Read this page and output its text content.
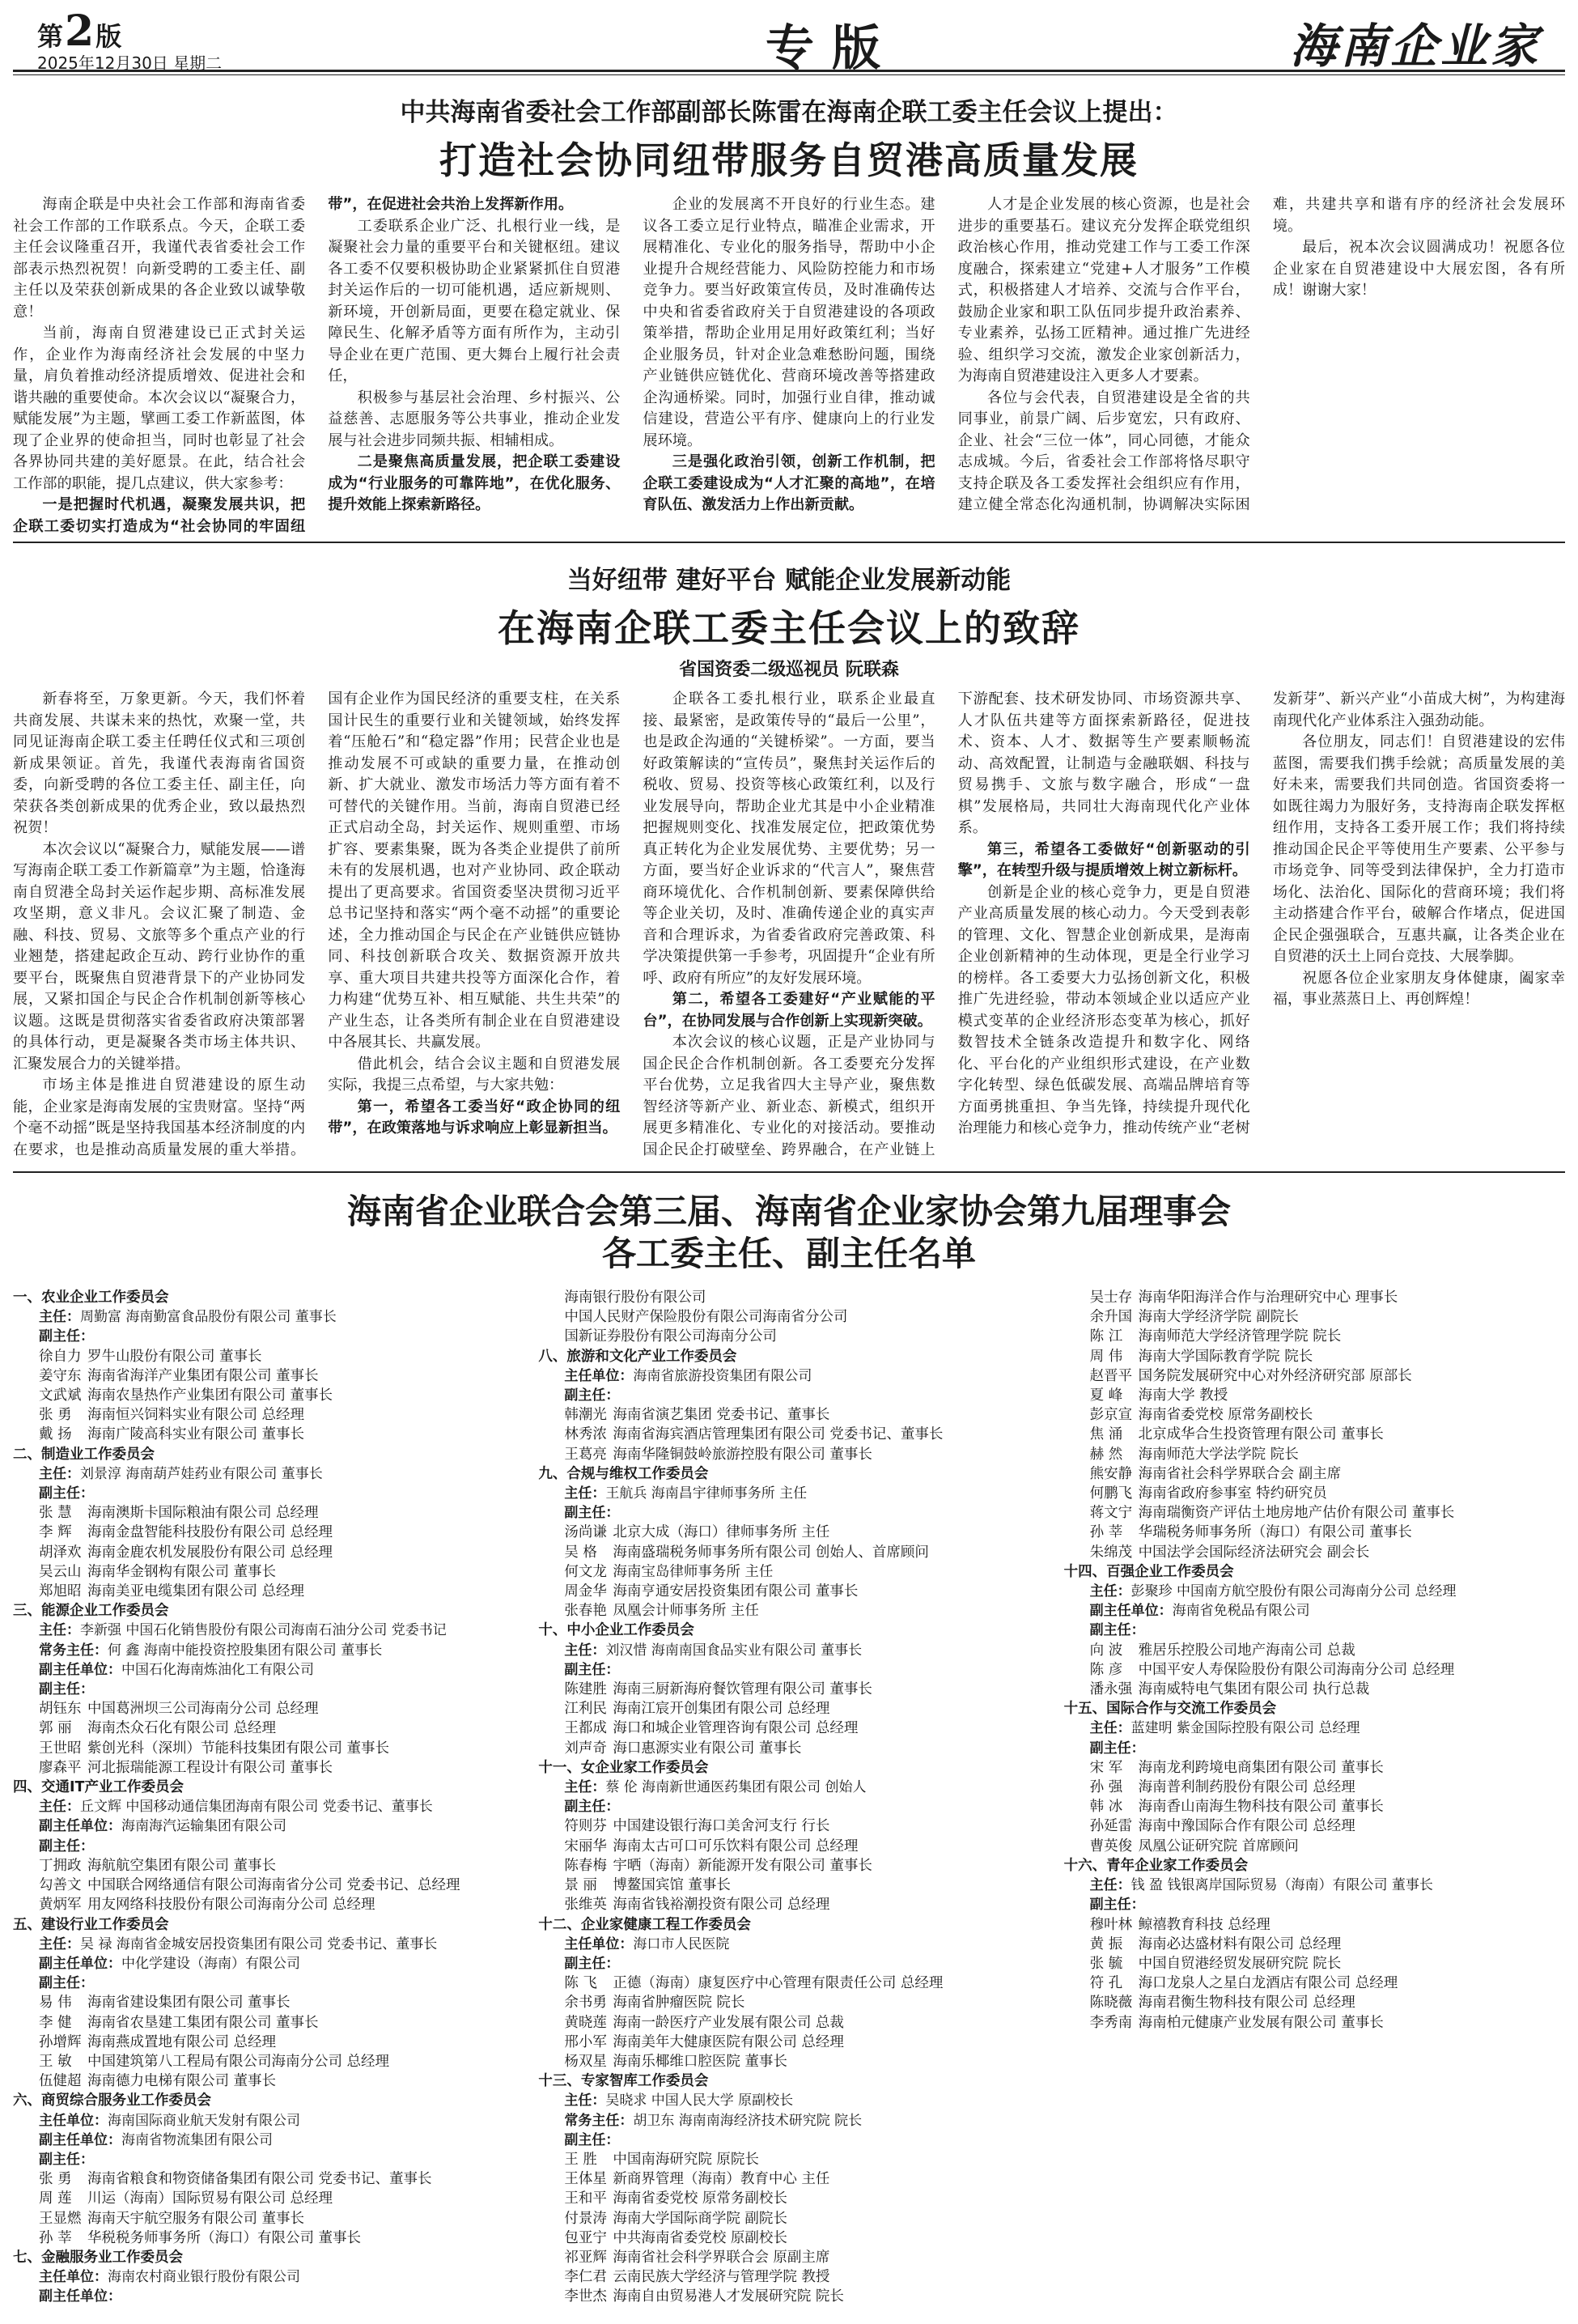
第2版
2025年12月30日 星期二	专版	海南企业家
中共海南省委社会工作部副部长陈雷在海南企联工委主任会议上提出：
打造社会协同纽带服务自贸港高质量发展

海南企联是中央社会工作部和海南省委社会工作部的工作联系点。今天，企联工委主任会议隆重召开，我谨代表省委社会工作部表示热烈祝贺！向新受聘的工委主任、副主任以及荣获创新成果的各企业致以诚挚敬意！

当前，海南自贸港建设已正式封关运作，企业作为海南经济社会发展的中坚力量，肩负着推动经济提质增效、促进社会和谐共融的重要使命。本次会议以“凝聚合力，赋能发展”为主题，擘画工委工作新蓝图，体现了企业界的使命担当，同时也彰显了社会各界协同共建的美好愿景。在此，结合社会工作部的职能，提几点建议，供大家参考：

一是把握时代机遇，凝聚发展共识，把企联工委切实打造成为“社会协同的牢固纽带”，在促进社会共治上发挥新作用。

工委联系企业广泛、扎根行业一线，是凝聚社会力量的重要平台和关键枢纽。建议各工委不仅要积极协助企业紧紧抓住自贸港封关运作后的一切可能机遇，适应新规则、新环境，开创新局面，更要在稳定就业、保障民生、化解矛盾等方面有所作为，主动引导企业在更广范围、更大舞台上履行社会责任，

积极参与基层社会治理、乡村振兴、公益慈善、志愿服务等公共事业，推动企业发展与社会进步同频共振、相辅相成。

二是聚焦高质量发展，把企联工委建设成为“行业服务的可靠阵地”，在优化服务、提升效能上探索新路径。

企业的发展离不开良好的行业生态。建议各工委立足行业特点，瞄准企业需求，开展精准化、专业化的服务指导，帮助中小企业提升合规经营能力、风险防控能力和市场竞争力。要当好政策宣传员，及时准确传达中央和省委省政府关于自贸港建设的各项政策举措，帮助企业用足用好政策红利；当好企业服务员，针对企业急难愁盼问题，围绕产业链供应链优化、营商环境改善等搭建政企沟通桥梁。同时，加强行业自律，推动诚信建设，营造公平有序、健康向上的行业发展环境。

三是强化政治引领，创新工作机制，把企联工委建设成为“人才汇聚的高地”，在培育队伍、激发活力上作出新贡献。

人才是企业发展的核心资源，也是社会进步的重要基石。建议充分发挥企联党组织政治核心作用，推动党建工作与工委工作深度融合，探索建立“党建+人才服务”工作模式，积极搭建人才培养、交流与合作平台，鼓励企业家和职工队伍同步提升政治素养、专业素养，弘扬工匠精神。通过推广先进经验、组织学习交流，激发企业家创新活力，为海南自贸港建设注入更多人才要素。

各位与会代表，自贸港建设是全省的共同事业，前景广阔、后步宽宏，只有政府、企业、社会“三位一体”，同心同德，才能众志成城。今后，省委社会工作部将恪尽职守支持企联及各工委发挥社会组织应有作用，建立健全常态化沟通机制，协调解决实际困难，共建共享和谐有序的经济社会发展环境。

最后，祝本次会议圆满成功！祝愿各位企业家在自贸港建设中大展宏图，各有所成！谢谢大家！

当好纽带 建好平台 赋能企业发展新动能
在海南企联工委主任会议上的致辞
省国资委二级巡视员 阮联森

新春将至，万象更新。今天，我们怀着共商发展、共谋未来的热忱，欢聚一堂，共同见证海南企联工委主任聘任仪式和三项创新成果领证。首先，我谨代表海南省国资委，向新受聘的各位工委主任、副主任，向荣获各类创新成果的优秀企业，致以最热烈祝贺！

本次会议以“凝聚合力，赋能发展——谱写海南企联工委工作新篇章”为主题，恰逢海南自贸港全岛封关运作起步期、高标准发展攻坚期，意义非凡。会议汇聚了制造、金融、科技、贸易、文旅等多个重点产业的行业翘楚，搭建起政企互动、跨行业协作的重要平台，既聚焦自贸港背景下的产业协同发展，又紧扣国企与民企合作机制创新等核心议题。这既是贯彻落实省委省政府决策部署的具体行动，更是凝聚各类市场主体共识、汇聚发展合力的关键举措。

市场主体是推进自贸港建设的原生动能，企业家是海南发展的宝贵财富。坚持“两个毫不动摇”既是坚持我国基本经济制度的内在要求，也是推动高质量发展的重大举措。国有企业作为国民经济的重要支柱，在关系国计民生的重要行业和关键领域，始终发挥着“压舱石”和“稳定器”作用；民营企业也是推动发展不可或缺的重要力量，在推动创新、扩大就业、激发市场活力等方面有着不可替代的关键作用。当前，海南自贸港已经正式启动全岛，封关运作、规则重塑、市场扩容、要素集聚，既为各类企业提供了前所未有的发展机遇，也对产业协同、政企联动提出了更高要求。省国资委坚决贯彻习近平总书记坚持和落实“两个毫不动摇”的重要论述，全力推动国企与民企在产业链供应链协同、科技创新联合攻关、数据资源开放共享、重大项目共建共投等方面深化合作，着力构建“优势互补、相互赋能、共生共荣”的产业生态，让各类所有制企业在自贸港建设中各展其长、共赢发展。

借此机会，结合会议主题和自贸港发展实际，我提三点希望，与大家共勉：

第一，希望各工委当好“政企协同的纽带”，在政策落地与诉求响应上彰显新担当。

企联各工委扎根行业，联系企业最直接、最紧密，是政策传导的“最后一公里”，也是政企沟通的“关键桥梁”。一方面，要当好政策解读的“宣传员”，聚焦封关运作后的税收、贸易、投资等核心政策红利，以及行业发展导向，帮助企业尤其是中小企业精准把握规则变化、找准发展定位，把政策优势真正转化为企业发展优势、主要优势；另一方面，要当好企业诉求的“代言人”，聚焦营商环境优化、合作机制创新、要素保障供给等企业关切，及时、准确传递企业的真实声音和合理诉求，为省委省政府完善政策、科学决策提供第一手参考，巩固提升“企业有所呼、政府有所应”的友好发展环境。

第二，希望各工委建好“产业赋能的平台”，在协同发展与合作创新上实现新突破。

本次会议的核心议题，正是产业协同与国企民企合作机制创新。各工委要充分发挥平台优势，立足我省四大主导产业，聚焦数智经济等新产业、新业态、新模式，组织开展更多精准化、专业化的对接活动。要推动国企民企打破壁垒、跨界融合，在产业链上下游配套、技术研发协同、市场资源共享、人才队伍共建等方面探索新路径，促进技术、资本、人才、数据等生产要素顺畅流动、高效配置，让制造与金融联姻、科技与贸易携手、文旅与数字融合，形成“一盘棋”发展格局，共同壮大海南现代化产业体系。

第三，希望各工委做好“创新驱动的引擎”，在转型升级与提质增效上树立新标杆。

创新是企业的核心竞争力，更是自贸港产业高质量发展的核心动力。今天受到表彰的管理、文化、智慧企业创新成果，是海南企业创新精神的生动体现，更是全行业学习的榜样。各工委要大力弘扬创新文化，积极推广先进经验，带动本领域企业以适应产业模式变革的企业经济形态变革为核心，抓好数智技术全链条改造提升和数字化、网络化、平台化的产业组织形式建设，在产业数字化转型、绿色低碳发展、高端品牌培育等方面勇挑重担、争当先锋，持续提升现代化治理能力和核心竞争力，推动传统产业“老树发新芽”、新兴产业“小苗成大树”，为构建海南现代化产业体系注入强劲动能。

各位朋友，同志们！自贸港建设的宏伟蓝图，需要我们携手绘就；高质量发展的美好未来，需要我们共同创造。省国资委将一如既往竭力为服好务，支持海南企联发挥枢纽作用，支持各工委开展工作；我们将持续推动国企民企平等使用生产要素、公平参与市场竞争、同等受到法律保护，全力打造市场化、法治化、国际化的营商环境；我们将主动搭建合作平台，破解合作堵点，促进国企民企强强联合，互惠共赢，让各类企业在自贸港的沃土上同台竞技、大展拳脚。

祝愿各位企业家朋友身体健康，阖家幸福，事业蒸蒸日上、再创辉煌！

海南省企业联合会第三届、海南省企业家协会第九届理事会
各工委主任、副主任名单
一、农业企业工作委员会
主任：周勤富 海南勤富食品股份有限公司 董事长
副主任：
徐自力 罗牛山股份有限公司 董事长
姜守东 海南省海洋产业集团有限公司 董事长
文武斌 海南农垦热作产业集团有限公司 董事长
张 勇 海南恒兴饲料实业有限公司 总经理
戴 扬 海南广陵高科实业有限公司 董事长
二、制造业工作委员会
主任：刘景淳 海南葫芦娃药业有限公司 董事长
副主任：
张 慧 海南澳斯卡国际粮油有限公司 总经理
李 辉 海南金盘智能科技股份有限公司 总经理
胡泽欢 海南金鹿农机发展股份有限公司 总经理
吴云山 海南华金钢构有限公司 董事长
郑旭昭 海南美亚电缆集团有限公司 总经理
三、能源企业工作委员会
主任：李新强 中国石化销售股份有限公司海南石油分公司 党委书记
常务主任：何 鑫 海南中能投资控股集团有限公司 董事长
副主任单位：中国石化海南炼油化工有限公司
副主任：
胡钰东 中国葛洲坝三公司海南分公司 总经理
郭 丽 海南杰众石化有限公司 总经理
王世昭 紫创光科（深圳）节能科技集团有限公司 董事长
廖森平 河北振瑞能源工程设计有限公司 董事长
四、交通IT产业工作委员会
主任：丘文辉 中国移动通信集团海南有限公司 党委书记、董事长
副主任单位：海南海汽运输集团有限公司
副主任：
丁拥政 海航航空集团有限公司 董事长
勾善文 中国联合网络通信有限公司海南省分公司 党委书记、总经理
黄炳军 用友网络科技股份有限公司海南分公司 总经理
五、建设行业工作委员会
主任：吴 禄 海南省金城安居投资集团有限公司 党委书记、董事长
副主任单位：中化学建设（海南）有限公司
副主任：
易 伟 海南省建设集团有限公司 董事长
李 健 海南省农垦建工集团有限公司 董事长
孙增辉 海南燕成置地有限公司 总经理
王 敏 中国建筑第八工程局有限公司海南分公司 总经理
伍健超 海南德力电梯有限公司 董事长
六、商贸综合服务业工作委员会
主任单位：海南国际商业航天发射有限公司
副主任单位：海南省物流集团有限公司
副主任：
张 勇 海南省粮食和物资储备集团有限公司 党委书记、董事长
周 莲 川运（海南）国际贸易有限公司 总经理
王显燃 海南天宇航空服务有限公司 董事长
孙 莘 华税税务师事务所（海口）有限公司 董事长
七、金融服务业工作委员会
主任单位：海南农村商业银行股份有限公司
副主任单位：
海南银行股份有限公司
中国人民财产保险股份有限公司海南省分公司
国新证券股份有限公司海南分公司
八、旅游和文化产业工作委员会
主任单位：海南省旅游投资集团有限公司
副主任：
韩潮光 海南省演艺集团 党委书记、董事长
林秀浓 海南省海宾酒店管理集团有限公司 党委书记、董事长
王葛亮 海南华隆铜鼓岭旅游控股有限公司 董事长
九、合规与维权工作委员会
主任：王航兵 海南昌宇律师事务所 主任
副主任：
汤尚谦 北京大成（海口）律师事务所 主任
吴 格 海南盛瑞税务师事务所有限公司 创始人、首席顾问
何文龙 海南宝岛律师事务所 主任
周金华 海南亨通安居投资集团有限公司 董事长
张春艳 凤凰会计师事务所 主任
十、中小企业工作委员会
主任：刘汉惜 海南南国食品实业有限公司 董事长
副主任：
陈建胜 海南三厨新海府餐饮管理有限公司 董事长
江利民 海南江宸开创集团有限公司 总经理
王都成 海口和城企业管理咨询有限公司 总经理
刘声奇 海口惠源实业有限公司 董事长
十一、女企业家工作委员会
主任：蔡 伦 海南新世通医药集团有限公司 创始人
副主任：
符则芬 中国建设银行海口美舍河支行 行长
宋丽华 海南太古可口可乐饮料有限公司 总经理
陈春梅 宇晒（海南）新能源开发有限公司 董事长
景 丽 博鳌国宾馆 董事长
张维英 海南省钱裕潮投资有限公司 总经理
十二、企业家健康工程工作委员会
主任单位：海口市人民医院
副主任：
陈 飞 正德（海南）康复医疗中心管理有限责任公司 总经理
余书勇 海南省肿瘤医院 院长
黄晓莲 海南一龄医疗产业发展有限公司 总裁
邢小军 海南美年大健康医院有限公司 总经理
杨双星 海南乐椰维口腔医院 董事长
十三、专家智库工作委员会
主任：吴晓求 中国人民大学 原副校长
常务主任：胡卫东 海南南海经济技术研究院 院长
副主任：
王 胜 中国南海研究院 原院长
王体星 新商界管理（海南）教育中心 主任
王和平 海南省委党校 原常务副校长
付景涛 海南大学国际商学院 副院长
包亚宁 中共海南省委党校 原副校长
祁亚辉 海南省社会科学界联合会 原副主席
李仁君 云南民族大学经济与管理学院 教授
李世杰 海南自由贸易港人才发展研究院 院长
吴士存 海南华阳海洋合作与治理研究中心 理事长
余升国 海南大学经济学院 副院长
陈 江 海南师范大学经济管理学院 院长
周 伟 海南大学国际教育学院 院长
赵晋平 国务院发展研究中心对外经济研究部 原部长
夏 峰 海南大学 教授
彭京宣 海南省委党校 原常务副校长
焦 涌 北京成华合生投资管理有限公司 董事长
赫 然 海南师范大学法学院 院长
熊安静 海南省社会科学界联合会 副主席
何鹏飞 海南省政府参事室 特约研究员
蒋文宁 海南瑞衡资产评估土地房地产估价有限公司 董事长
孙 莘 华瑞税务师事务所（海口）有限公司 董事长
朱绵茂 中国法学会国际经济法研究会 副会长
十四、百强企业工作委员会
主任：彭聚珍 中国南方航空股份有限公司海南分公司 总经理
副主任单位：海南省免税品有限公司
副主任：
向 波 雅居乐控股公司地产海南公司 总裁
陈 彦 中国平安人寿保险股份有限公司海南分公司 总经理
潘永强 海南威特电气集团有限公司 执行总裁
十五、国际合作与交流工作委员会
主任：蓝建明 紫金国际控股有限公司 总经理
副主任：
宋 军 海南龙利跨境电商集团有限公司 董事长
孙 强 海南普利制药股份有限公司 总经理
韩 冰 海南香山南海生物科技有限公司 董事长
孙延雷 海南中豫国际合作有限公司 总经理
曹英俊 凤凰公证研究院 首席顾问
十六、青年企业家工作委员会
主任：钱 盈 钱银离岸国际贸易（海南）有限公司 董事长
副主任：
穆叶林 鲸禧教育科技 总经理
黄 振 海南必达盛材料有限公司 总经理
张 毓 中国自贸港经贸发展研究院 院长
符 孔 海口龙泉人之星白龙酒店有限公司 总经理
陈晓薇 海南君衡生物科技有限公司 总经理
李秀南 海南柏元健康产业发展有限公司 董事长
